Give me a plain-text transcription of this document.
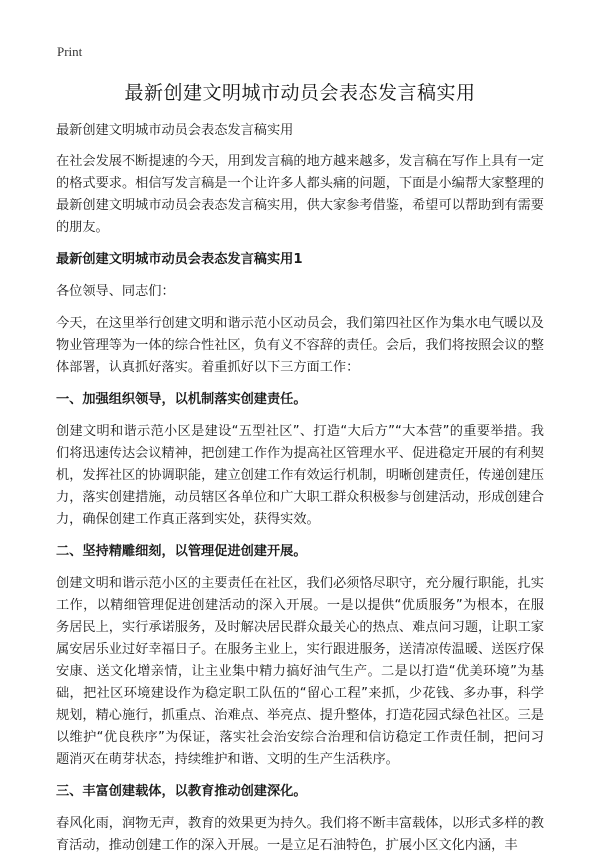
Print
最新创建文明城市动员会表态发言稿实用

最新创建文明城市动员会表态发言稿实用

在社会发展不断提速的今天，用到发言稿的地方越来越多，发言稿在写作上具有一定的格式要求。相信写发言稿是一个让许多人都头痛的问题，下面是小编帮大家整理的最新创建文明城市动员会表态发言稿实用，供大家参考借鉴，希望可以帮助到有需要的朋友。

最新创建文明城市动员会表态发言稿实用1

各位领导、同志们：

今天，在这里举行创建文明和谐示范小区动员会，我们第四社区作为集水电气暖以及物业管理等为一体的综合性社区，负有义不容辞的责任。会后，我们将按照会议的整体部署，认真抓好落实。着重抓好以下三方面工作：

一、加强组织领导，以机制落实创建责任。

创建文明和谐示范小区是建设“五型社区”、打造“大后方”“大本营”的重要举措。我们将迅速传达会议精神，把创建工作作为提高社区管理水平、促进稳定开展的有利契机，发挥社区的协调职能，建立创建工作有效运行机制，明晰创建责任，传递创建压力，落实创建措施，动员辖区各单位和广大职工群众积极参与创建活动，形成创建合力，确保创建工作真正落到实处，获得实效。

二、坚持精雕细刻，以管理促进创建开展。

创建文明和谐示范小区的主要责任在社区，我们必须恪尽职守，充分履行职能，扎实工作，以精细管理促进创建活动的深入开展。一是以提供“优质服务”为根本，在服务居民上，实行承诺服务，及时解决居民群众最关心的热点、难点问习题，让职工家属安居乐业过好幸福日子。在服务主业上，实行跟进服务，送清凉传温暖、送医疗保安康、送文化增亲情，让主业集中精力搞好油气生产。二是以打造“优美环境”为基础，把社区环境建设作为稳定职工队伍的“留心工程”来抓，少花钱、多办事，科学规划，精心施行，抓重点、治难点、举亮点、提升整体，打造花园式绿色社区。三是以维护“优良秩序”为保证，落实社会治安综合治理和信访稳定工作责任制，把问习题消灭在萌芽状态，持续维护和谐、文明的生产生活秩序。

三、丰富创建载体，以教育推动创建深化。

春风化雨，润物无声，教育的效果更为持久。我们将不断丰富载体，以形式多样的教育活动，推动创建工作的深入开展。一是立足石油特色，扩展小区文化内涵，丰
